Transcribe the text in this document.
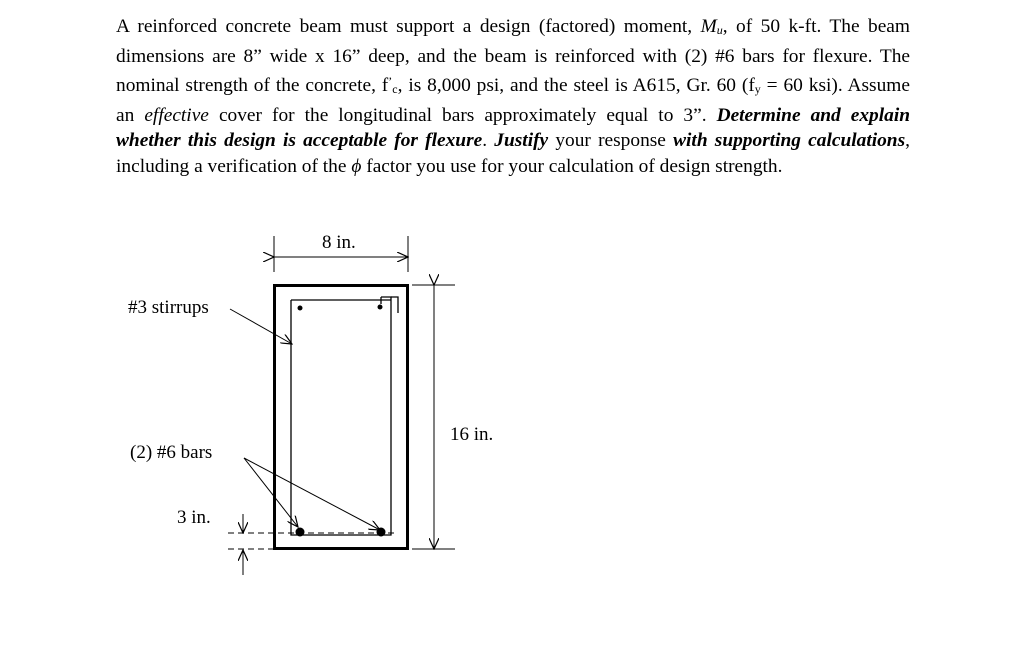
A reinforced concrete beam must support a design (factored) moment, Mu, of 50 k-ft. The beam dimensions are 8” wide x 16” deep, and the beam is reinforced with (2) #6 bars for flexure. The nominal strength of the concrete, f’c, is 8,000 psi, and the steel is A615, Gr. 60 (fy = 60 ksi). Assume an effective cover for the longitudinal bars approximately equal to 3”. Determine and explain whether this design is acceptable for flexure. Justify your response with supporting calculations, including a verification of the ϕ factor you use for your calculation of design strength.

8 in.
16 in.
#3 stirrups
(2) #6 bars
3 in.
